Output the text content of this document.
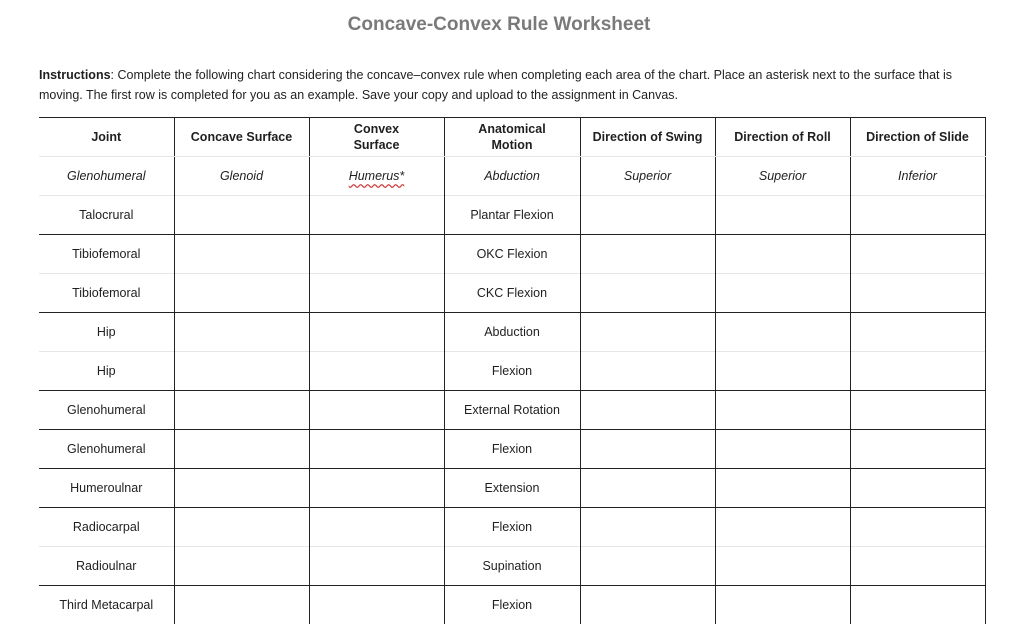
Concave-Convex Rule Worksheet
Instructions: Complete the following chart considering the concave–convex rule when completing each area of the chart. Place an asterisk next to the surface that is moving. The first row is completed for you as an example. Save your copy and upload to the assignment in Canvas.
Joint	Concave Surface	Convex Surface	Anatomical Motion	Direction of Swing	Direction of Roll	Direction of Slide
Glenohumeral	Glenoid	Humerus*	Abduction	Superior	Superior	Inferior
Talocrural			Plantar Flexion			
Tibiofemoral			OKC Flexion			
Tibiofemoral			CKC Flexion			
Hip			Abduction			
Hip			Flexion			
Glenohumeral			External Rotation			
Glenohumeral			Flexion			
Humeroulnar			Extension			
Radiocarpal			Flexion			
Radioulnar			Supination			
Third Metacarpal			Flexion			
